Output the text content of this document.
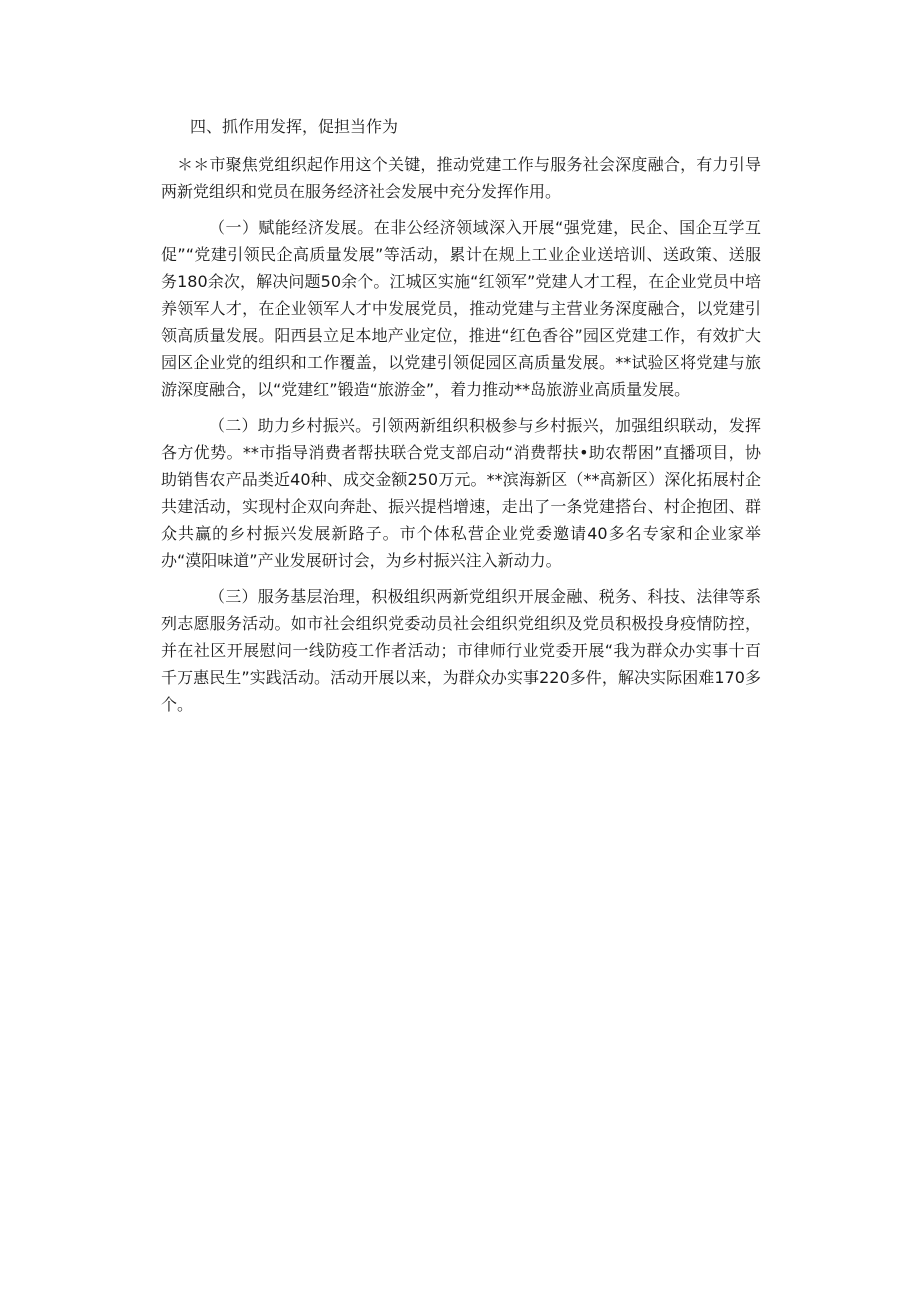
四、抓作用发挥，促担当作为

＊＊市聚焦党组织起作用这个关键，推动党建工作与服务社会深度融合，有力引导两新党组织和党员在服务经济社会发展中充分发挥作用。

（一）赋能经济发展。在非公经济领域深入开展“强党建，民企、国企互学互促”“党建引领民企高质量发展”等活动，累计在规上工业企业送培训、送政策、送服务180余次，解决问题50余个。江城区实施“红领军”党建人才工程，在企业党员中培养领军人才，在企业领军人才中发展党员，推动党建与主营业务深度融合，以党建引领高质量发展。阳西县立足本地产业定位，推进“红色香谷”园区党建工作，有效扩大园区企业党的组织和工作覆盖，以党建引领促园区高质量发展。**试验区将党建与旅游深度融合，以“党建红”锻造“旅游金”，着力推动**岛旅游业高质量发展。

（二）助力乡村振兴。引领两新组织积极参与乡村振兴，加强组织联动，发挥各方优势。**市指导消费者帮扶联合党支部启动“消费帮扶•助农帮困”直播项目，协助销售农产品类近40种、成交金额250万元。**滨海新区（**高新区）深化拓展村企共建活动，实现村企双向奔赴、振兴提档增速，走出了一条党建搭台、村企抱团、群众共赢的乡村振兴发展新路子。市个体私营企业党委邀请40多名专家和企业家举办“漠阳味道”产业发展研讨会，为乡村振兴注入新动力。

（三）服务基层治理，积极组织两新党组织开展金融、税务、科技、法律等系列志愿服务活动。如市社会组织党委动员社会组织党组织及党员积极投身疫情防控，并在社区开展慰问一线防疫工作者活动；市律师行业党委开展“我为群众办实事十百千万惠民生”实践活动。活动开展以来，为群众办实事220多件，解决实际困难170多个。
